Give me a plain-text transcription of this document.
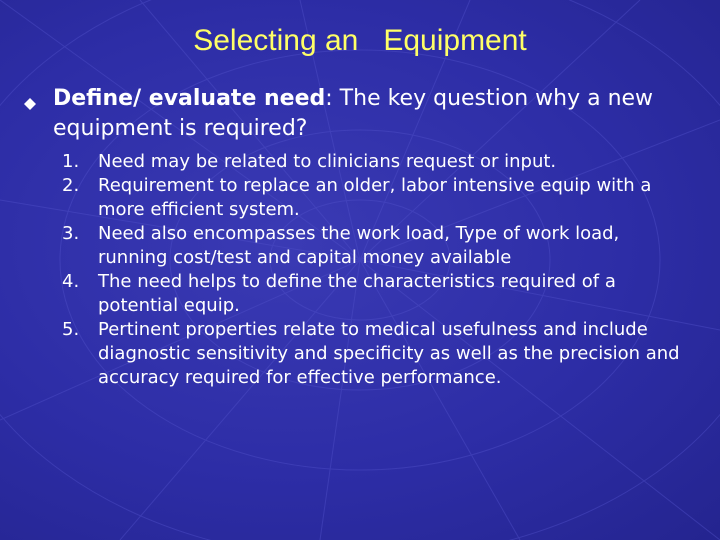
Selecting an   Equipment

Define/ evaluate need: The key question why a new equipment is required?

1. Need may be related to clinicians request or input.
2. Requirement to replace an older, labor intensive equip with a more efficient system.
3. Need also encompasses the work load, Type of work load, running cost/test and capital money available
4. The need helps to define the characteristics required of a potential equip.
5. Pertinent properties relate to medical usefulness and include diagnostic sensitivity and specificity as well as the precision and accuracy required for effective performance.
